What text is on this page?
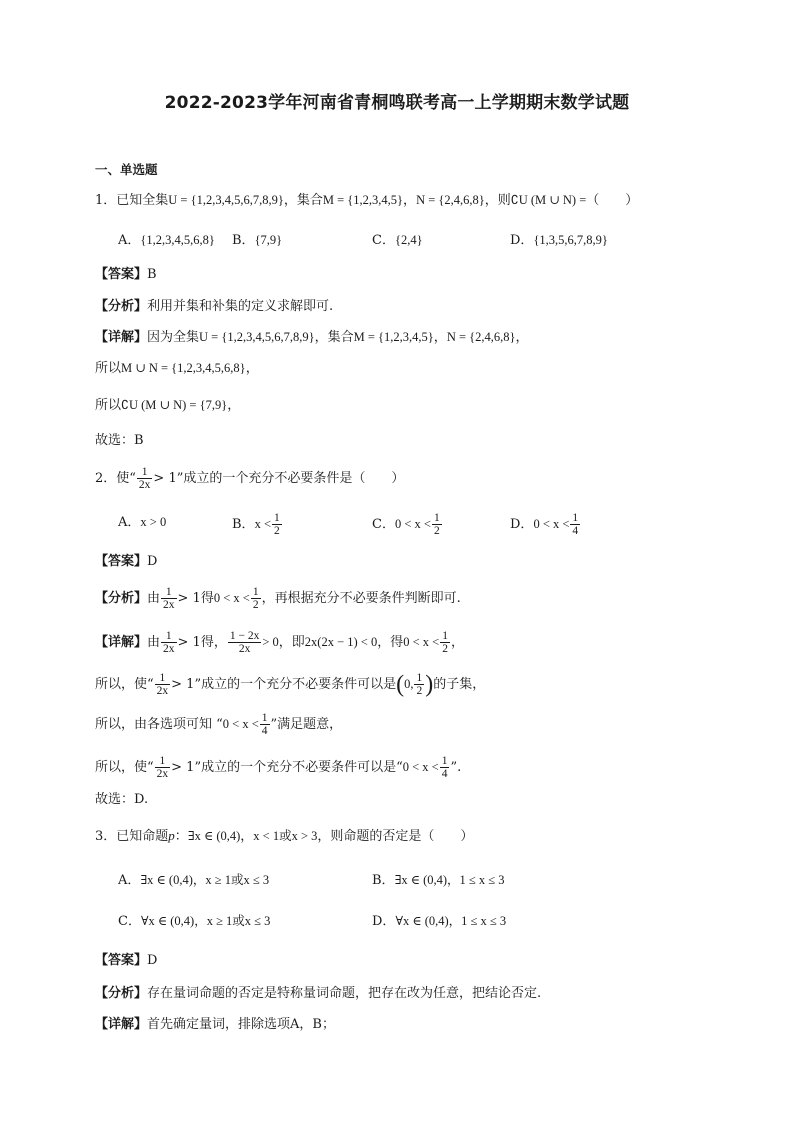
2022-2023学年河南省青桐鸣联考高一上学期期末数学试题
一、单选题
1．已知全集U = {1,2,3,4,5,6,7,8,9}，集合M = {1,2,3,4,5}，N = {2,4,6,8}，则∁U (M ∪ N) =（　　）
A．{1,2,3,4,5,6,8} B．{7,9}	C．{2,4}	D．{1,3,5,6,7,8,9}
【答案】B
【分析】利用并集和补集的定义求解即可.
【详解】因为全集U = {1,2,3,4,5,6,7,8,9}，集合M = {1,2,3,4,5}，N = {2,4,6,8}，
所以M ∪ N = {1,2,3,4,5,6,8}，
所以∁U (M ∪ N) = {7,9}，
故选：B
2．使“ $\frac{1}{2x} > 1$”成立的一个充分不必要条件是（　　）
A．x > 0	B．$x < \frac{1}{2}$	C．$0 < x < \frac{1}{2}$	D．$0 < x < \frac{1}{4}$
【答案】D
【分析】由 $\frac{1}{2x} > 1$得$0 < x < \frac{1}{2}$ ，再根据充分不必要条件判断即可.
【详解】由 $\frac{1}{2x} > 1$得， $\frac{1 - 2x}{2x} > 0$，即2x(2x − 1) < 0，得$0 < x < \frac{1}{2}$ ，
所以，使“ $\frac{1}{2x} > 1$”成立的一个充分不必要条件可以是(0, $\frac{1}{2}$ )的子集，
所以，由各选项可知 “$0 < x < \frac{1}{4}$ ”满足题意，
所以，使“ $\frac{1}{2x} > 1$”成立的一个充分不必要条件可以是“$0 < x < \frac{1}{4}$ ”.
故选：D.
3．已知命题p：∃x ∈ (0,4)，x < 1或x > 3，则命题的否定是（　　）
A．∃x ∈ (0,4)，x ≥ 1或x ≤ 3	B．∃x ∈ (0,4)，1 ≤ x ≤ 3
C．∀x ∈ (0,4)，x ≥ 1或x ≤ 3	D．∀x ∈ (0,4)，1 ≤ x ≤ 3
【答案】D
【分析】存在量词命题的否定是特称量词命题，把存在改为任意，把结论否定.
【详解】首先确定量词，排除选项A，B；
